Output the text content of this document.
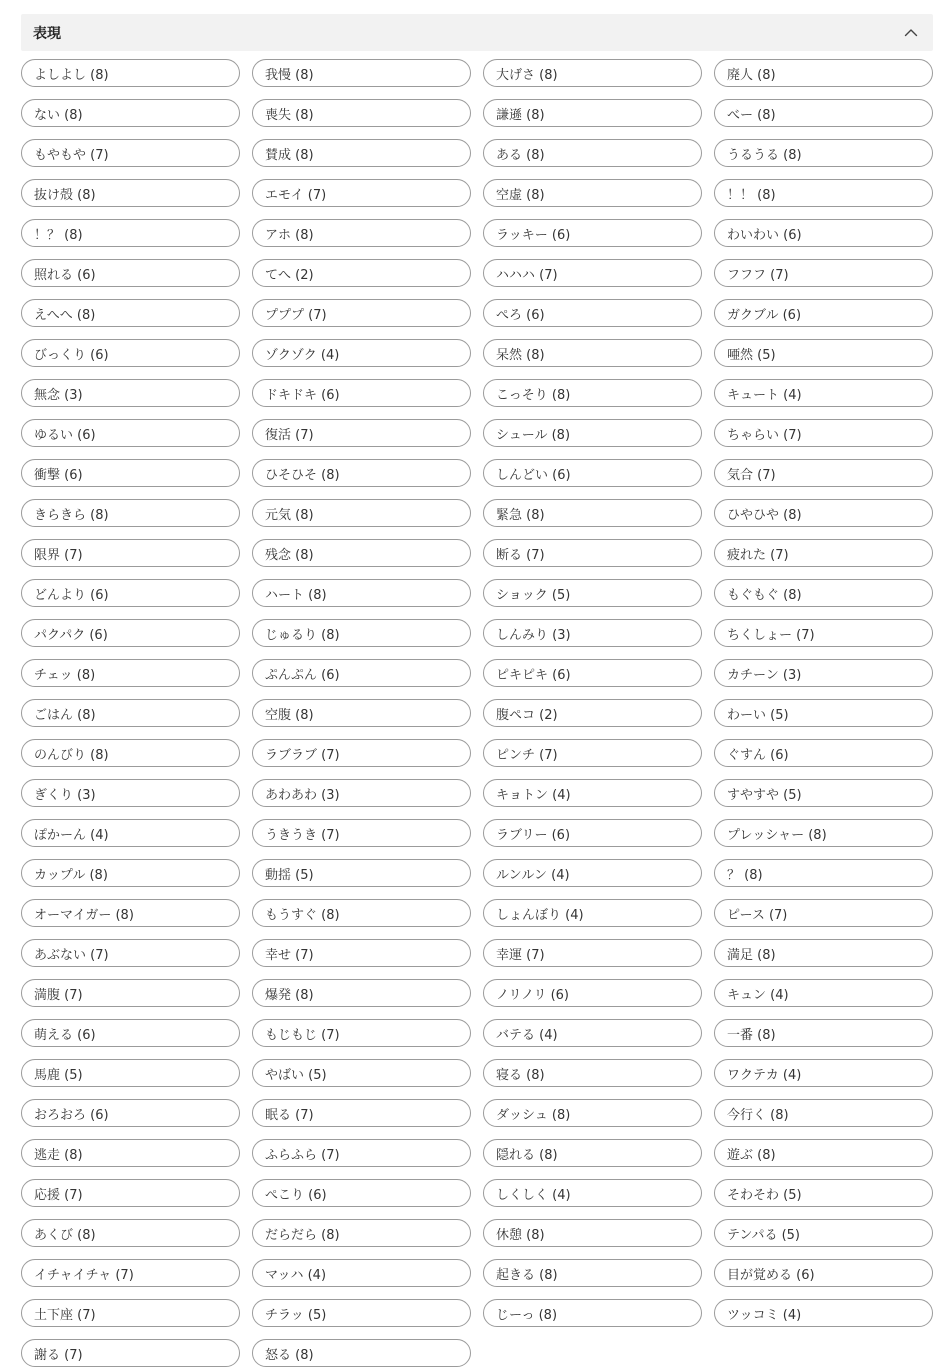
表現
よしよし (8)	我慢 (8)	大げさ (8)	廃人 (8)
ない (8)	喪失 (8)	謙遜 (8)	べー (8)
もやもや (7)	賛成 (8)	ある (8)	うるうる (8)
抜け殻 (8)	エモイ (7)	空虚 (8)	！！ (8)
！？ (8)	アホ (8)	ラッキー (6)	わいわい (6)
照れる (6)	てへ (2)	ハハハ (7)	フフフ (7)
えへへ (8)	プププ (7)	ぺろ (6)	ガクブル (6)
びっくり (6)	ゾクゾク (4)	呆然 (8)	唖然 (5)
無念 (3)	ドキドキ (6)	こっそり (8)	キュート (4)
ゆるい (6)	復活 (7)	シュール (8)	ちゃらい (7)
衝撃 (6)	ひそひそ (8)	しんどい (6)	気合 (7)
きらきら (8)	元気 (8)	緊急 (8)	ひやひや (8)
限界 (7)	残念 (8)	断る (7)	疲れた (7)
どんより (6)	ハート (8)	ショック (5)	もぐもぐ (8)
パクパク (6)	じゅるり (8)	しんみり (3)	ちくしょー (7)
チェッ (8)	ぷんぷん (6)	ピキピキ (6)	カチーン (3)
ごはん (8)	空腹 (8)	腹ペコ (2)	わーい (5)
のんびり (8)	ラブラブ (7)	ピンチ (7)	ぐすん (6)
ぎくり (3)	あわあわ (3)	キョトン (4)	すやすや (5)
ぽかーん (4)	うきうき (7)	ラブリー (6)	プレッシャー (8)
カップル (8)	動揺 (5)	ルンルン (4)	？ (8)
オーマイガー (8)	もうすぐ (8)	しょんぼり (4)	ピース (7)
あぶない (7)	幸せ (7)	幸運 (7)	満足 (8)
満腹 (7)	爆発 (8)	ノリノリ (6)	キュン (4)
萌える (6)	もじもじ (7)	バテる (4)	一番 (8)
馬鹿 (5)	やばい (5)	寝る (8)	ワクテカ (4)
おろおろ (6)	眠る (7)	ダッシュ (8)	今行く (8)
逃走 (8)	ふらふら (7)	隠れる (8)	遊ぶ (8)
応援 (7)	ぺこり (6)	しくしく (4)	そわそわ (5)
あくび (8)	だらだら (8)	休憩 (8)	テンパる (5)
イチャイチャ (7)	マッハ (4)	起きる (8)	目が覚める (6)
土下座 (7)	チラッ (5)	じーっ (8)	ツッコミ (4)
謝る (7)	怒る (8)
